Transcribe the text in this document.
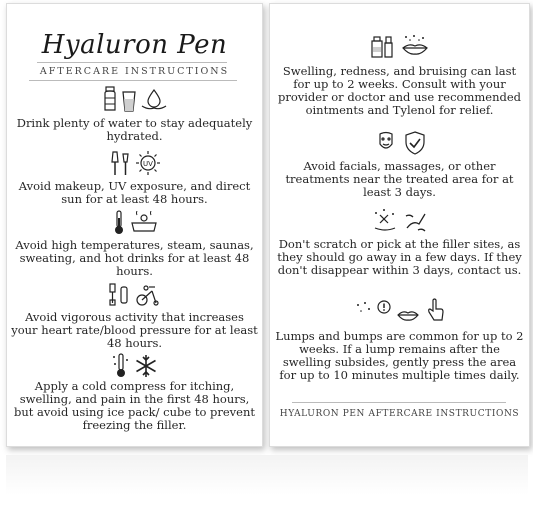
Hyaluron Pen
AFTERCARE INSTRUCTIONS
Drink plenty of water to stay adequately hydrated.
UV
Avoid makeup, UV exposure, and direct sun for at least 48 hours.
Avoid high temperatures, steam, saunas, sweating, and hot drinks for at least 48 hours.
Avoid vigorous activity that increases your heart rate/blood pressure for at least 48 hours.
Apply a cold compress for itching, swelling, and pain in the first 48 hours, but avoid using ice pack/ cube to prevent freezing the filler.
Swelling, redness, and bruising can last for up to 2 weeks. Consult with your provider or doctor and use recommended ointments and Tylenol for relief.
Avoid facials, massages, or other treatments near the treated area for at least 3 days.
Don't scratch or pick at the filler sites, as they should go away in a few days. If they don't disappear within 3 days, contact us.
Lumps and bumps are common for up to 2 weeks. If a lump remains after the swelling subsides, gently press the area for up to 10 minutes multiple times daily.
HYALURON PEN AFTERCARE INSTRUCTIONS
